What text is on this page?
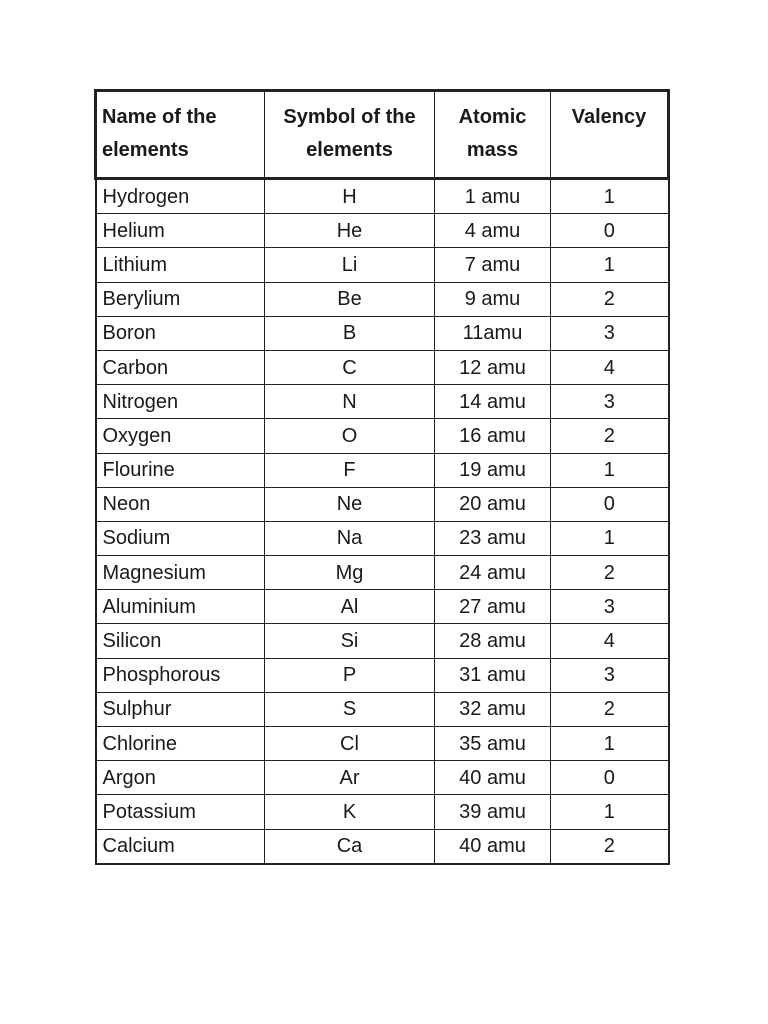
Name of the elements	Symbol of the elements	Atomic mass	Valency
Hydrogen	H	1 amu	1
Helium	He	4 amu	0
Lithium	Li	7 amu	1
Berylium	Be	9 amu	2
Boron	B	11amu	3
Carbon	C	12 amu	4
Nitrogen	N	14 amu	3
Oxygen	O	16 amu	2
Flourine	F	19 amu	1
Neon	Ne	20 amu	0
Sodium	Na	23 amu	1
Magnesium	Mg	24 amu	2
Aluminium	Al	27 amu	3
Silicon	Si	28 amu	4
Phosphorous	P	31 amu	3
Sulphur	S	32 amu	2
Chlorine	Cl	35 amu	1
Argon	Ar	40 amu	0
Potassium	K	39 amu	1
Calcium	Ca	40 amu	2
